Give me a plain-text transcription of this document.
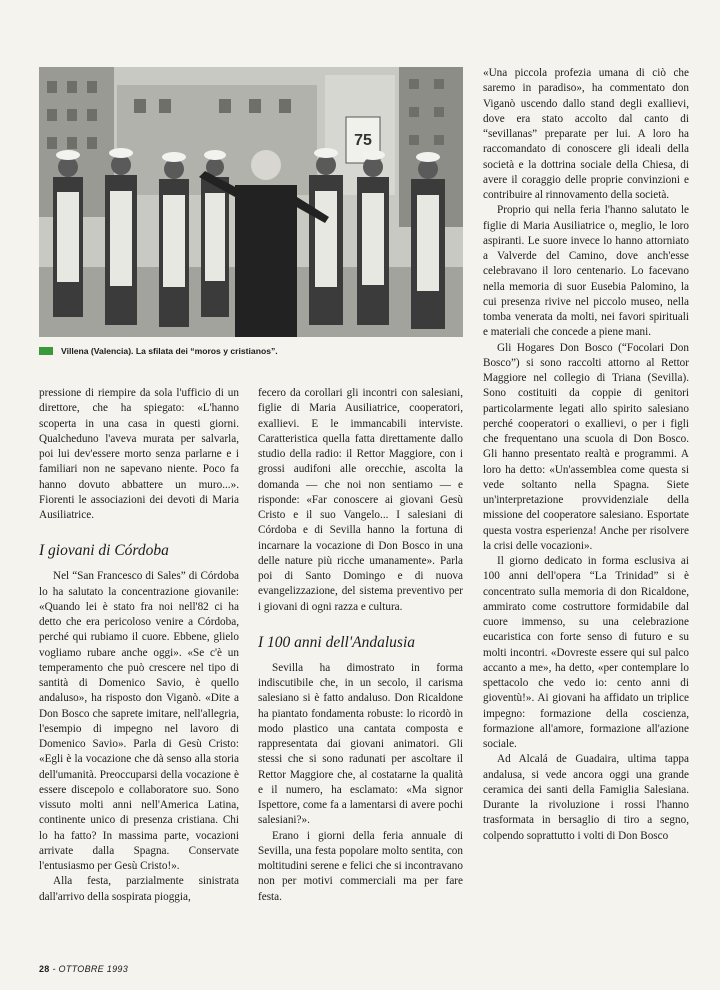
75
Villena (Valencia). La sfilata dei “moros y cristianos”.

pressione di riempire da sola l'ufficio di un direttore, che ha spiegato: «L'hanno scoperta in una casa in questi giorni. Qualcheduno l'aveva murata per salvarla, poi lui dev'essere morto senza parlarne e i familiari non ne sapevano niente. Poco fa hanno dovuto abbattere un muro...». Fiorenti le associazioni dei devoti di Maria Ausiliatrice.

I giovani di Córdoba

Nel “San Francesco di Sales” di Córdoba lo ha salutato la concentrazione giovanile: «Quando lei è stato fra noi nell'82 ci ha detto che era pericoloso venire a Córdoba, perché qui rubiamo il cuore. Ebbene, glielo vogliamo rubare anche oggi». «Se c'è un temperamento che può crescere nel tipo di santità di Domenico Savio, è quello andaluso», ha risposto don Viganò. «Dite a Don Bosco che saprete imitare, nell'allegria, l'esempio di impegno nel lavoro di Domenico Savio». Parla di Gesù Cristo: «Egli è la vocazione che dà senso alla storia dell'umanità. Preoccuparsi della vocazione è essere discepolo e collaboratore suo. Sono vissuto molti anni nell'America Latina, continente unico di presenza cristiana. Chi lo ha fatto? In massima parte, vocazioni arrivate dalla Spagna. Conservate l'entusiasmo per Gesù Cristo!».

Alla festa, parzialmente sinistrata dall'arrivo della sospirata pioggia,

fecero da corollari gli incontri con salesiani, figlie di Maria Ausiliatrice, cooperatori, exallievi. E le immancabili interviste. Caratteristica quella fatta direttamente dallo studio della radio: il Rettor Maggiore, con i grossi audifoni alle orecchie, ascolta la domanda — che noi non sentiamo — e risponde: «Far conoscere ai giovani Gesù Cristo e il suo Vangelo... I salesiani di Córdoba e di Sevilla hanno la fortuna di incarnare la vocazione di Don Bosco in una delle nature più ricche umanamente». Parla poi di Santo Domingo e di nuova evangelizzazione, del sistema preventivo per i giovani di ogni razza e cultura.

I 100 anni dell'Andalusia

Sevilla ha dimostrato in forma indiscutibile che, in un secolo, il carisma salesiano si è fatto andaluso. Don Ricaldone ha piantato fondamenta robuste: lo ricordò in modo plastico una cantata composta e rappresentata dai giovani animatori. Gli stessi che si sono radunati per ascoltare il Rettor Maggiore che, al costatarne la qualità e il numero, ha esclamato: «Ma signor Ispettore, come fa a lamentarsi di avere pochi salesiani?».

Erano i giorni della feria annuale di Sevilla, una festa popolare molto sentita, con moltitudini serene e felici che si incontravano non per motivi commerciali ma per fare festa.

«Una piccola profezia umana di ciò che saremo in paradiso», ha commentato don Viganò uscendo dallo stand degli exallievi, dove era stato accolto dal canto di “sevillanas” preparate per lui. A loro ha raccomandato di conoscere gli ideali della società e la dottrina sociale della Chiesa, di avere il coraggio delle proprie convinzioni e contribuire al rinnovamento della società.

Proprio qui nella feria l'hanno salutato le figlie di Maria Ausiliatrice o, meglio, le loro aspiranti. Le suore invece lo hanno attorniato a Valverde del Camino, dove anch'esse celebravano il loro centenario. Lo facevano nella memoria di suor Eusebia Palomino, la cui presenza rivive nel piccolo museo, nella tomba venerata da molti, nei favori spirituali e materiali che concede a piene mani.

Gli Hogares Don Bosco (“Focolari Don Bosco”) si sono raccolti attorno al Rettor Maggiore nel collegio di Triana (Sevilla). Sono costituiti da coppie di genitori particolarmente legati allo spirito salesiano perché cooperatori o exallievi, o per i figli che frequentano una scuola di Don Bosco. Gli hanno presentato realtà e programmi. A loro ha detto: «Un'assemblea come questa si vede soltanto nella Spagna. Siete un'interpretazione provvidenziale della missione del cooperatore salesiano. Esportate questa vostra esperienza! Anche per risolvere la crisi delle vocazioni».

Il giorno dedicato in forma esclusiva ai 100 anni dell'opera “La Trinidad” si è concentrato sulla memoria di don Ricaldone, ammirato come costruttore formidabile dal cuore immenso, su una celebrazione eucaristica con forte senso di futuro e su molti incontri. «Dovreste essere qui sul palco accanto a me», ha detto, «per contemplare lo spettacolo che vedo io: cento anni di gioventù!». Ai giovani ha affidato un triplice impegno: formazione della coscienza, formazione all'amore, formazione all'azione sociale.

Ad Alcalá de Guadaira, ultima tappa andalusa, si vede ancora oggi una grande ceramica dei santi della Famiglia Salesiana. Durante la rivoluzione i rossi l'hanno trasformata in bersaglio di tiro a segno, colpendo soprattutto i volti di Don Bosco

28 - OTTOBRE 1993
